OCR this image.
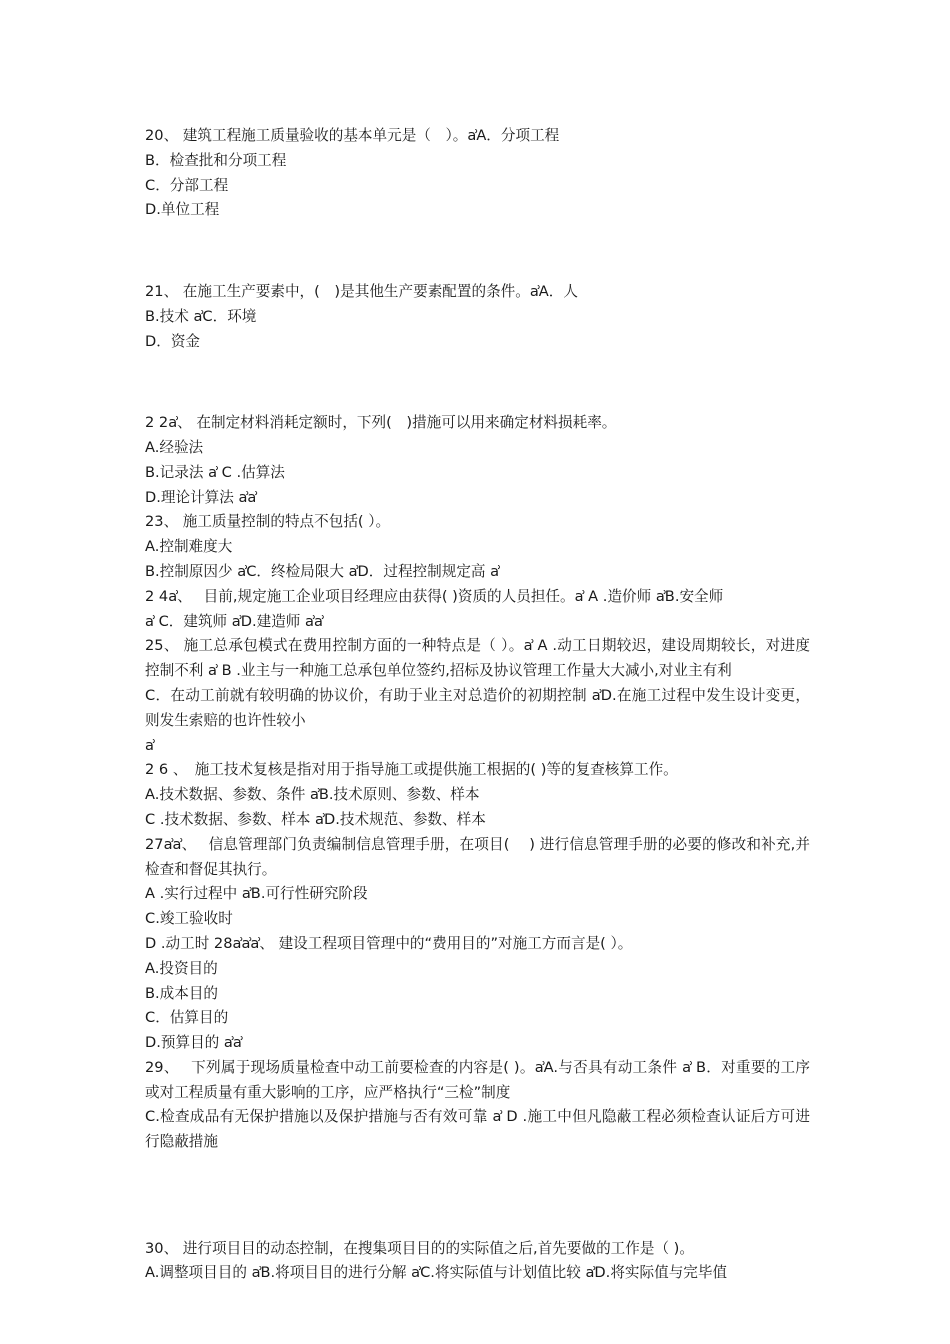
20、 建筑工程施工质量验收的基本单元是（　）。ẚA．分项工程

B．检查批和分项工程

C．分部工程

D.单位工程

21、 在施工生产要素中，(　)是其他生产要素配置的条件。ẚA．人

B.技术 ẚC．环境

D．资金

2 2ẚ、 在制定材料消耗定额时，下列(　)措施可以用来确定材料损耗率。

A.经验法

B.记录法 ẚ C .估算法

D.理论计算法 ẚẚ

23、 施工质量控制的特点不包括( ）。

A.控制难度大

B.控制原因少 ẚC．终检局限大 ẚD．过程控制规定高 ẚ

2 4ẚ、　 目前,规定施工企业项目经理应由获得( )资质的人员担任。ẚ A .造价师 ẚB.安全师

ẚ C．建筑师 ẚD.建造师 ẚẚ

25、 施工总承包模式在费用控制方面的一种特点是（ ）。ẚ A .动工日期较迟，建设周期较长，对进度控制不利 ẚ B .业主与一种施工总承包单位签约,招标及协议管理工作量大大减小,对业主有利

C．在动工前就有较明确的协议价，有助于业主对总造价的初期控制 ẚD.在施工过程中发生设计变更，则发生索赔的也许性较小

ẚ

2 6 、　施工技术复核是指对用于指导施工或提供施工根据的( )等的复查核算工作。

A.技术数据、参数、条件 ẚB.技术原则、参数、样本

C .技术数据、参数、样本 ẚD.技术规范、参数、样本

27ẚẚ、　 信息管理部门负责编制信息管理手册，在项目(　 ) 进行信息管理手册的必要的修改和补充,并检查和督促其执行。

A .实行过程中 ẚB.可行性研究阶段

C.竣工验收时

D .动工时 28ẚẚẚ、 建设工程项目管理中的“费用目的”对施工方而言是( ）。

A.投资目的

B.成本目的

C．估算目的

D.预算目的 ẚẚ

29、　 下列属于现场质量检查中动工前要检查的内容是( )。ẚA.与否具有动工条件 ẚ B．对重要的工序或对工程质量有重大影响的工序，应严格执行“三检”制度

C.检查成品有无保护措施以及保护措施与否有效可靠 ẚ D .施工中但凡隐蔽工程必须检查认证后方可进行隐蔽措施

30、 进行项目目的动态控制，在搜集项目目的的实际值之后,首先要做的工作是（ )。

A.调整项目目的 ẚB.将项目目的进行分解 ẚC.将实际值与计划值比较 ẚD.将实际值与完毕值
